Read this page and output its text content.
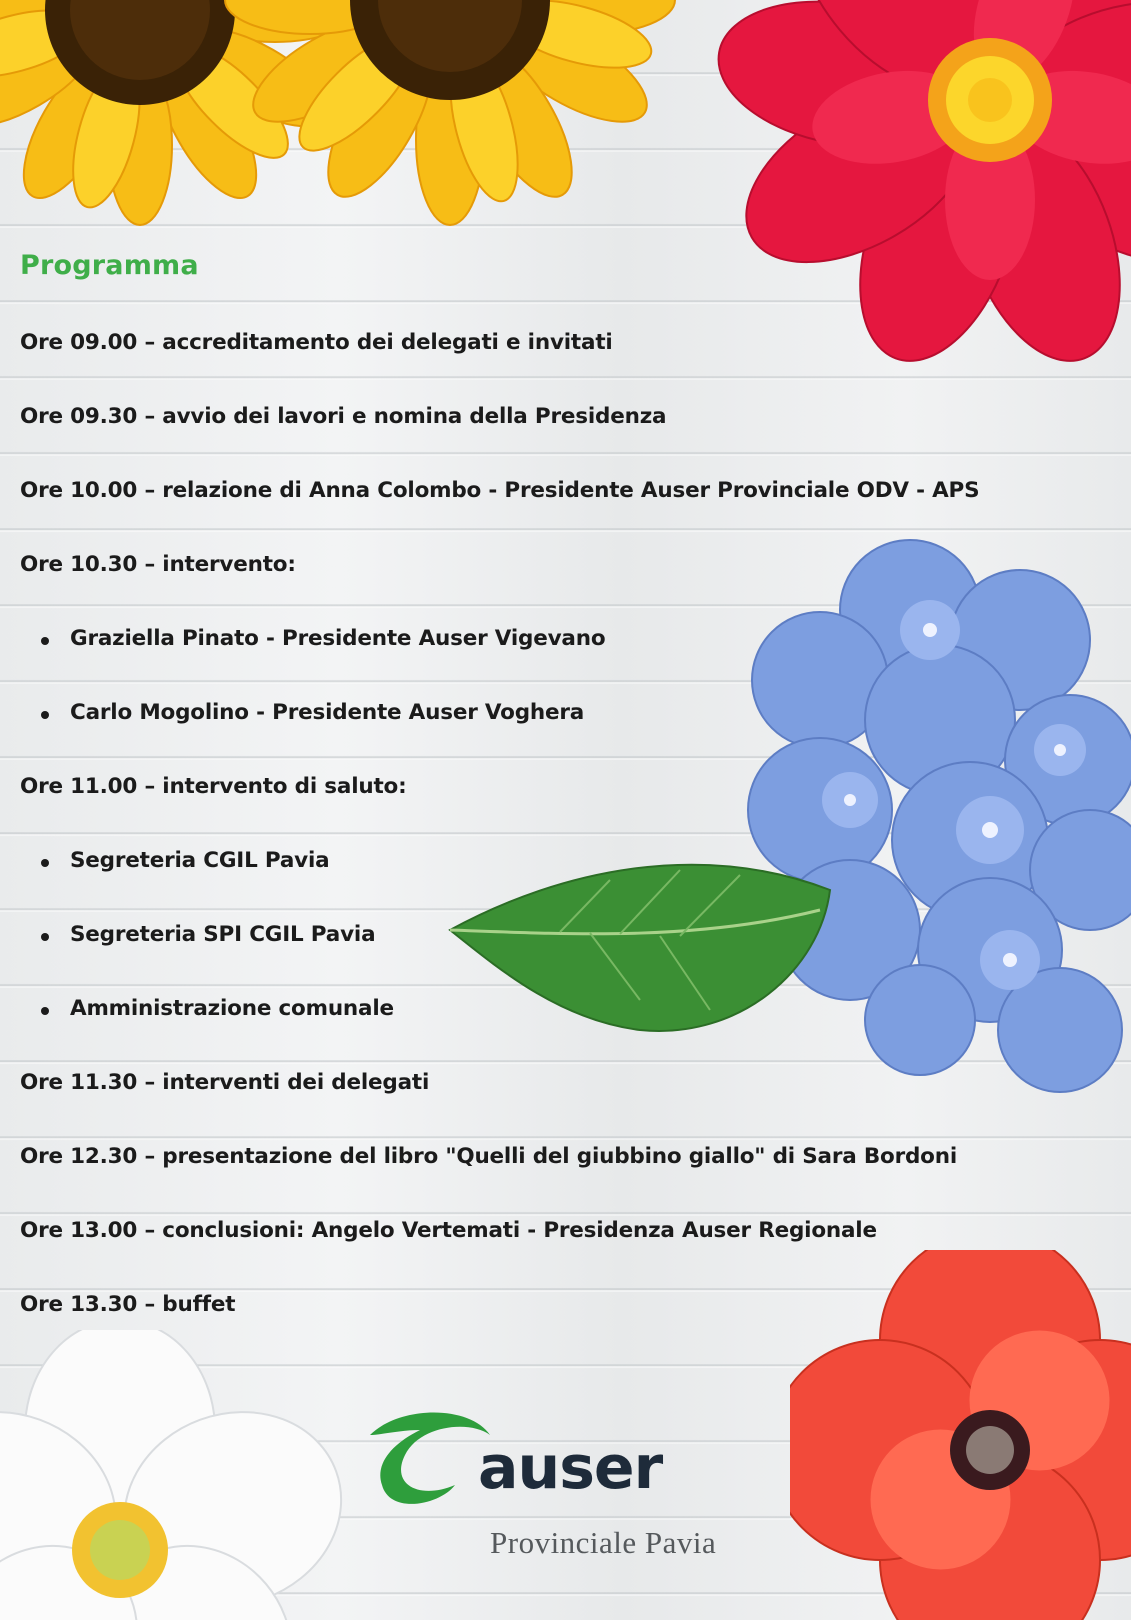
Programma

Ore 09.00 – accreditamento dei delegati e invitati

Ore 09.30 – avvio dei lavori e nomina della Presidenza

Ore 10.00 – relazione di Anna Colombo - Presidente Auser Provinciale ODV - APS

Ore 10.30 – intervento:

Graziella Pinato - Presidente Auser Vigevano

Carlo Mogolino - Presidente Auser Voghera

Ore 11.00 – intervento di saluto:

Segreteria CGIL Pavia

Segreteria SPI CGIL Pavia

Amministrazione comunale

Ore 11.30 – interventi dei delegati

Ore 12.30 – presentazione del libro "Quelli del giubbino giallo" di Sara Bordoni

Ore 13.00 – conclusioni: Angelo Vertemati - Presidenza Auser Regionale

Ore 13.30 – buffet

auser

Provinciale Pavia
